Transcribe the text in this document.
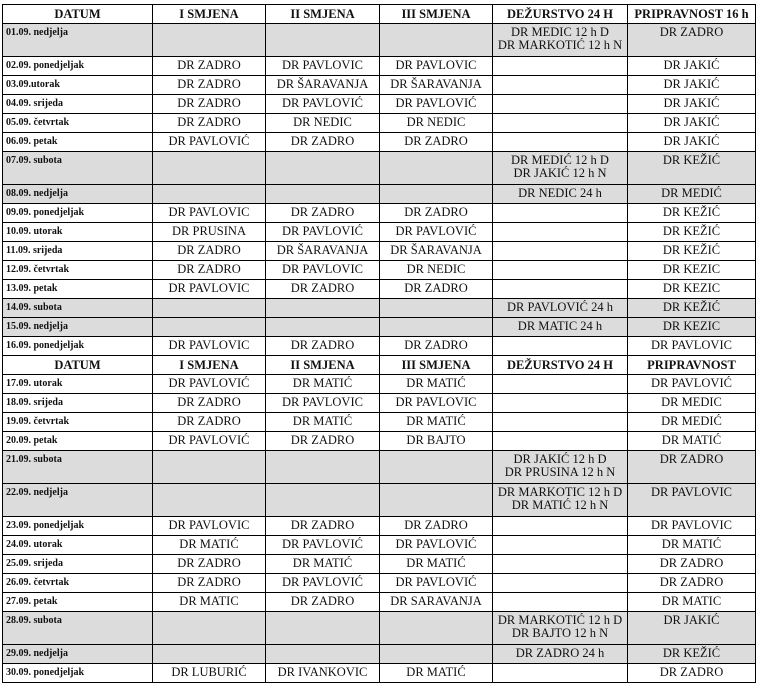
DATUM	I SMJENA	II SMJENA	III SMJENA	DEŽURSTVO 24 H	PRIPRAVNOST 16 h
01.09. nedjelja				DR MEDIC 12 h D
DR MARKOTIĆ 12 h N	DR ZADRO
02.09. ponedjeljak	DR ZADRO	DR PAVLOVIC	DR PAVLOVIC		DR JAKIĆ
03.09.utorak	DR ZADRO	DR ŠARAVANJA	DR ŠARAVANJA		DR JAKIĆ
04.09. srijeda	DR ZADRO	DR PAVLOVIĆ	DR PAVLOVIĆ		DR JAKIĆ
05.09. četvrtak	DR ZADRO	DR NEDIC	DR NEDIC		DR JAKIĆ
06.09. petak	DR PAVLOVIĆ	DR ZADRO	DR ZADRO		DR JAKIĆ
07.09. subota				DR MEDIĆ 12 h D
DR JAKIĆ 12 h N	DR KEŽIĆ
08.09. nedjelja				DR NEDIC 24 h	DR MEDIĆ
09.09. ponedjeljak	DR PAVLOVIC	DR ZADRO	DR ZADRO		DR KEŽIĆ
10.09. utorak	DR PRUSINA	DR PAVLOVIĆ	DR PAVLOVIĆ		DR KEŽIĆ
11.09. srijeda	DR ZADRO	DR ŠARAVANJA	DR ŠARAVANJA		DR KEŽIĆ
12.09. četvrtak	DR ZADRO	DR PAVLOVIC	DR NEDIC		DR KEZIC
13.09. petak	DR PAVLOVIC	DR ZADRO	DR ZADRO		DR KEZIC
14.09. subota				DR PAVLOVIĆ 24 h	DR KEŽIĆ
15.09. nedjelja				DR MATIC 24 h	DR KEZIC
16.09. ponedjeljak	DR PAVLOVIC	DR ZADRO	DR ZADRO		DR PAVLOVIC
DATUM	I SMJENA	II SMJENA	III SMJENA	DEŽURSTVO 24 H	PRIPRAVNOST
17.09. utorak	DR PAVLOVIĆ	DR MATIĆ	DR MATIĆ		DR PAVLOVIĆ
18.09. srijeda	DR ZADRO	DR PAVLOVIC	DR PAVLOVIC		DR MEDIC
19.09. četvrtak	DR ZADRO	DR MATIĆ	DR MATIĆ		DR MEDIĆ
20.09. petak	DR PAVLOVIĆ	DR ZADRO	DR BAJTO		DR MATIĆ
21.09. subota				DR JAKIĆ 12 h D
DR PRUSINA 12 h N	DR ZADRO
22.09. nedjelja				DR MARKOTIC 12 h D
DR MATIĆ 12 h N	DR PAVLOVIC
23.09. ponedjeljak	DR PAVLOVIC	DR ZADRO	DR ZADRO		DR PAVLOVIC
24.09. utorak	DR MATIĆ	DR PAVLOVIĆ	DR PAVLOVIĆ		DR MATIĆ
25.09. srijeda	DR ZADRO	DR MATIĆ	DR MATIĆ		DR ZADRO
26.09. četvrtak	DR ZADRO	DR PAVLOVIĆ	DR PAVLOVIĆ		DR ZADRO
27.09. petak	DR MATIC	DR ZADRO	DR SARAVANJA		DR MATIC
28.09. subota				DR MARKOTIĆ 12 h D
DR BAJTO 12 h N	DR JAKIĆ
29.09. nedjelja				DR ZADRO 24 h	DR KEŽIĆ
30.09. ponedjeljak	DR LUBURIĆ	DR IVANKOVIC	DR MATIĆ		DR ZADRO
